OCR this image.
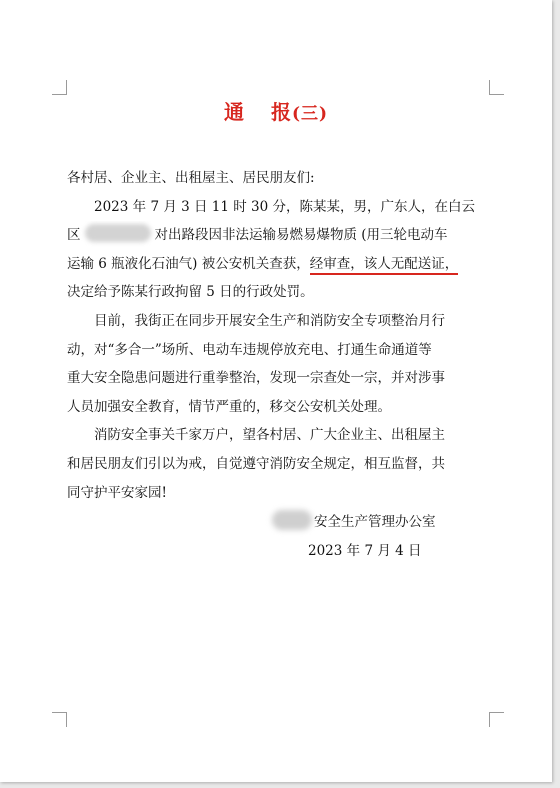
通 报(三)
各村居、企业主、出租屋主、居民朋友们:
2023 年 7 月 3 日 11 时 30 分，陈某某，男，广东人，在白云
区	对出路段因非法运输易燃易爆物质 (用三轮电动车
运输 6 瓶液化石油气) 被公安机关查获，经审查，该人无配送证，
决定给予陈某行政拘留 5 日的行政处罚。
目前，我街正在同步开展安全生产和消防安全专项整治月行
动，对“多合一”场所、电动车违规停放充电、打通生命通道等
重大安全隐患问题进行重拳整治，发现一宗查处一宗，并对涉事
人员加强安全教育，情节严重的，移交公安机关处理。
消防安全事关千家万户，望各村居、广大企业主、出租屋主
和居民朋友们引以为戒，自觉遵守消防安全规定，相互监督，共
同守护平安家园!
安全生产管理办公室
2023 年 7 月 4 日
